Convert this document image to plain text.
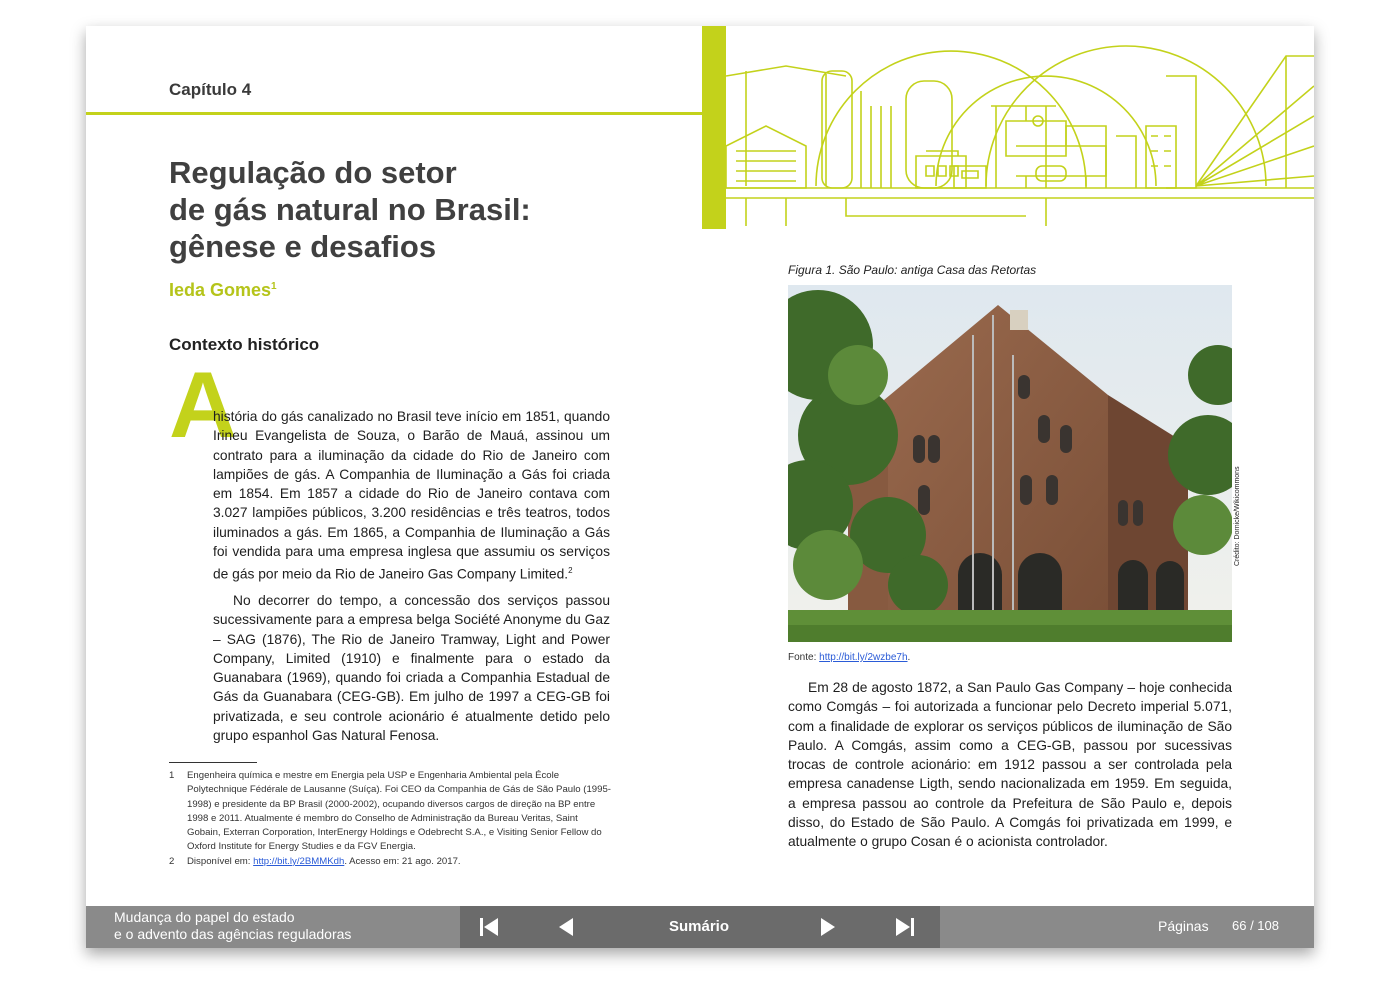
Capítulo 4
Regulação do setor
de gás natural no Brasil:
gênese e desafios
Ieda Gomes$^1$
Contexto histórico
A
história do gás canalizado no Brasil teve início em 1851, quando Irineu Evangelista de Souza, o Barão de Mauá, assinou um contrato para a iluminação da cidade do Rio de Janeiro com lampiões de gás. A Companhia de Iluminação a Gás foi criada em 1854. Em 1857 a cidade do Rio de Janeiro contava com 3.027 lampiões públicos, 3.200 residências e três teatros, todos iluminados a gás. Em 1865, a Companhia de Iluminação a Gás foi vendida para uma empresa inglesa que assumiu os serviços de gás por meio da Rio de Janeiro Gas Company Limited.$^2$
No decorrer do tempo, a concessão dos serviços passou sucessivamente para a empresa belga Société Anonyme du Gaz – SAG (1876), The Rio de Janeiro Tramway, Light and Power Company, Limited (1910) e finalmente para o estado da Guanabara (1969), quando foi criada a Companhia Estadual de Gás da Guanabara (CEG-GB). Em julho de 1997 a CEG-GB foi privatizada, e seu controle acionário é atualmente detido pelo grupo espanhol Gas Natural Fenosa.
1	Engenheira química e mestre em Energia pela USP e Engenharia Ambiental pela École Polytechnique Fédérale de Lausanne (Suíça). Foi CEO da Companhia de Gás de São Paulo (1995-1998) e presidente da BP Brasil (2000-2002), ocupando diversos cargos de direção na BP entre 1998 e 2011. Atualmente é membro do Conselho de Administração da Bureau Veritas, Saint Gobain, Exterran Corporation, InterEnergy Holdings e Odebrecht S.A., e Visiting Senior Fellow do Oxford Institute for Energy Studies e da FGV Energia.
2	Disponível em: http://bit.ly/2BMMKdh. Acesso em: 21 ago. 2017.
Figura 1. São Paulo: antiga Casa das Retortas
Crédito: Dornicke/Wikicommons
Fonte: http://bit.ly/2wzbe7h.
Em 28 de agosto 1872, a San Paulo Gas Company – hoje conhecida como Comgás – foi autorizada a funcionar pelo Decreto imperial 5.071, com a finalidade de explorar os serviços públicos de iluminação de São Paulo. A Comgás, assim como a CEG-GB, passou por sucessivas trocas de controle acionário: em 1912 passou a ser controlada pela empresa canadense Ligth, sendo nacionalizada em 1959. Em seguida, a empresa passou ao controle da Prefeitura de São Paulo e, depois disso, do Estado de São Paulo. A Comgás foi privatizada em 1999, e atualmente o grupo Cosan é o acionista controlador.
Mudança do papel do estado
e o advento das agências reguladoras	Sumário	Páginas 66 / 108
